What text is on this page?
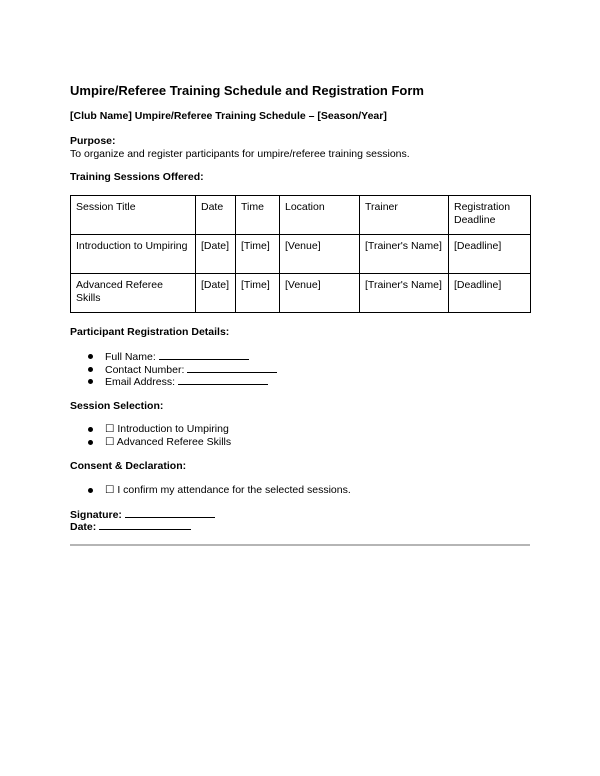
Umpire/Referee Training Schedule and Registration Form
[Club Name] Umpire/Referee Training Schedule – [Season/Year]
Purpose:
To organize and register participants for umpire/referee training sessions.
Training Sessions Offered:
Session Title	Date	Time	Location	Trainer	Registration Deadline
Introduction to Umpiring	[Date]	[Time]	[Venue]	[Trainer's Name]	[Deadline]
Advanced Referee Skills	[Date]	[Time]	[Venue]	[Trainer's Name]	[Deadline]
Participant Registration Details:
Full Name:
Contact Number:
Email Address:
Session Selection:
☐ Introduction to Umpiring
☐ Advanced Referee Skills
Consent & Declaration:
☐ I confirm my attendance for the selected sessions.
Signature:
Date:
